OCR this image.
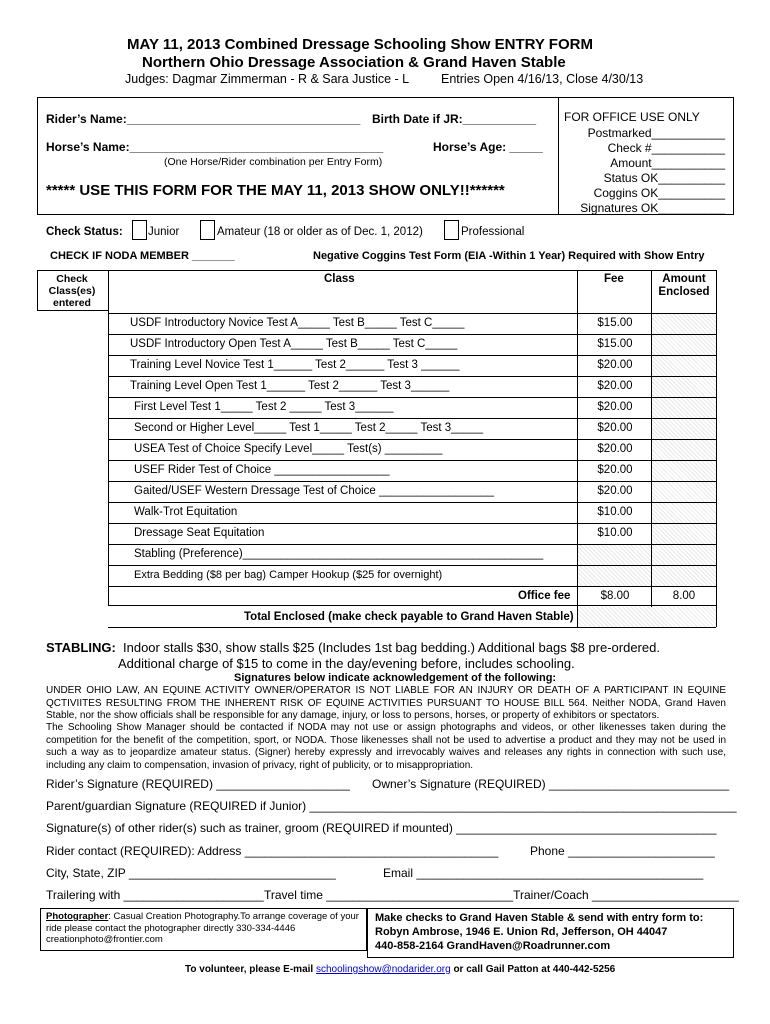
MAY 11, 2013 Combined Dressage Schooling Show ENTRY FORM
Northern Ohio Dressage Association & Grand Haven Stable
Judges: Dagmar Zimmerman - R & Sara Justice - L	Entries Open 4/16/13, Close 4/30/13
Rider’s Name:___________________________________ Birth Date if JR:___________
Horse’s Name:______________________________________	Horse’s Age: _____
(One Horse/Rider combination per Entry Form)
***** USE THIS FORM FOR THE MAY 11, 2013 SHOW ONLY!!******
FOR OFFICE USE ONLY
Postmarked___________
Check #___________
Amount___________
Status OK__________
Coggins OK__________
Signatures OK__________
Check Status: Junior	Amateur (18 or older as of Dec. 1, 2012)	Professional
CHECK IF NODA MEMBER _______	Negative Coggins Test Form (EIA -Within 1 Year) Required with Show Entry
Check
Class(es)
entered
Class	Fee	Amount
Enclosed
USDF Introductory Novice Test A_____ Test B_____ Test C_____	$15.00
USDF Introductory Open Test A_____ Test B_____ Test C_____	$15.00
Training Level Novice Test 1______ Test 2______ Test 3 ______	$20.00
Training Level Open Test 1______ Test 2______ Test 3______	$20.00
First Level Test 1_____ Test 2 _____ Test 3______	$20.00
Second or Higher Level_____ Test 1_____ Test 2_____ Test 3_____	$20.00
USEA Test of Choice Specify Level_____ Test(s) _________	$20.00
USEF Rider Test of Choice __________________	$20.00
Gaited/USEF Western Dressage Test of Choice __________________	$20.00
Walk-Trot Equitation	$10.00
Dressage Seat Equitation	$10.00
Stabling (Preference)_______________________________________________
Extra Bedding ($8 per bag) Camper Hookup ($25 for overnight)
Office fee	$8.00	8.00
Total Enclosed (make check payable to Grand Haven Stable)
STABLING: Indoor stalls $30, show stalls $25 (Includes 1st bag bedding.) Additional bags $8 pre-ordered.
Additional charge of $15 to come in the day/evening before, includes schooling.
Signatures below indicate acknowledgement of the following:
UNDER OHIO LAW, AN EQUINE ACTIVITY OWNER/OPERATOR IS NOT LIABLE FOR AN INJURY OR DEATH OF A PARTICIPANT IN EQUINE QCTIVIITES RESULTING FROM THE INHERENT RISK OF EQUINE ACTIVITIES PURSUANT TO HOUSE BILL 564. Neither NODA, Grand Haven Stable, nor the show officials shall be responsible for any damage, injury, or loss to persons, horses, or property of exhibitors or spectators.
The Schooling Show Manager should be contacted if NODA may not use or assign photographs and videos, or other likenesses taken during the competition for the benefit of the competition, sport, or NODA. Those likenesses shall not be used to advertise a product and they may not be used in such a way as to jeopardize amateur status. (Signer) hereby expressly and irrevocably waives and releases any rights in connection with such use, including any claim to compensation, invasion of privacy, right of publicity, or to misappropriation.
Rider’s Signature (REQUIRED) ____________________ Owner’s Signature (REQUIRED) ___________________________
Parent/guardian Signature (REQUIRED if Junior) ________________________________________________________________
Signature(s) of other rider(s) such as trainer, groom (REQUIRED if mounted) _______________________________________
Rider contact (REQUIRED): Address ______________________________________	Phone ______________________
City, State, ZIP _______________________________	Email ___________________________________________
Trailering with _____________________ Travel time ____________________________Trainer/Coach ______________________
Photographer: Casual Creation Photography.To arrange coverage of your ride please contact the photographer directly 330-334-4446 creationphoto@frontier.com
Make checks to Grand Haven Stable & send with entry form to:
Robyn Ambrose, 1946 E. Union Rd, Jefferson, OH 44047
440-858-2164 GrandHaven@Roadrunner.com
To volunteer, please E-mail schoolingshow@nodarider.org or call Gail Patton at 440-442-5256
